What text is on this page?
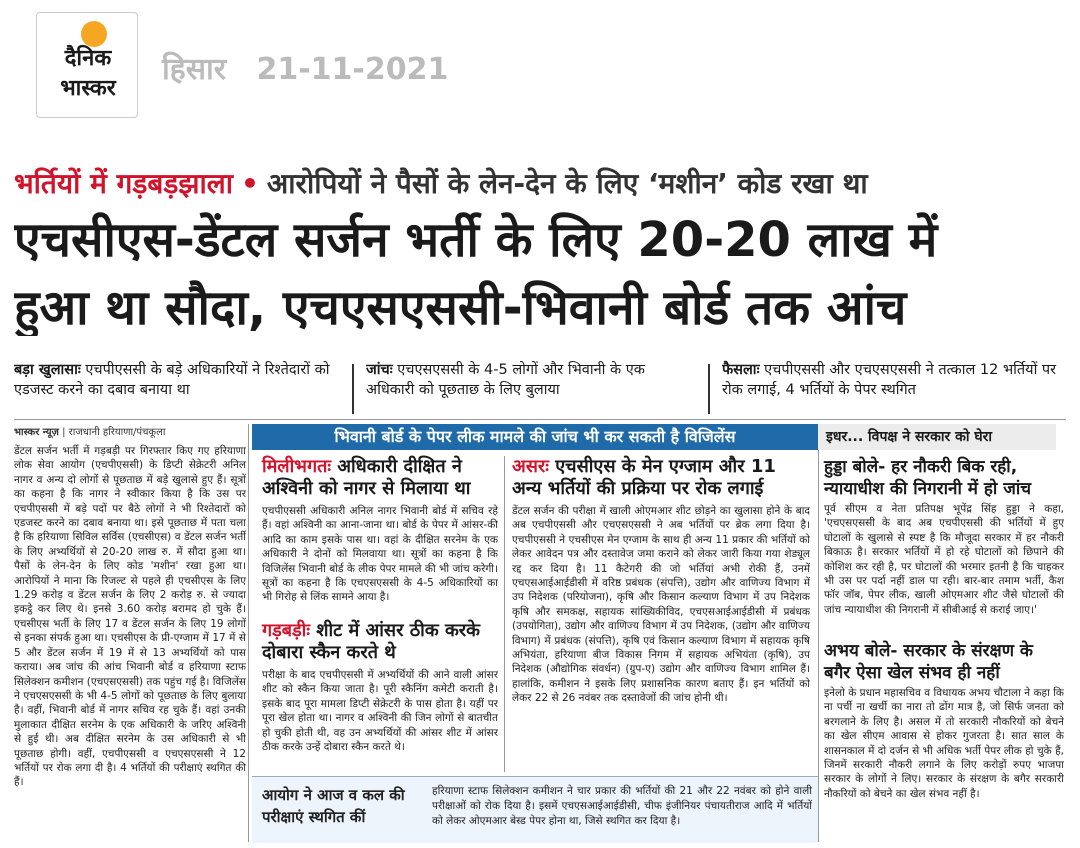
दैनिक
भास्कर
हिसार 21-11-2021
भर्तियों में गड़बड़झाला • आरोपियों ने पैसों के लेन-देन के लिए ‘मशीन’ कोड रखा था
एचसीएस-डेंटल सर्जन भर्ती के लिए 20-20 लाख में
हुआ था सौदा, एचएसएससी-भिवानी बोर्ड तक आंच
बड़ा खुलासाः एचपीएससी के बड़े अधिकारियों ने रिश्तेदारों को एडजस्ट करने का दबाव बनाया था
जांचः एचएसएससी के 4-5 लोगों और भिवानी के एक अधिकारी को पूछताछ के लिए बुलाया
फैसलाः एचपीएससी और एचएसएससी ने तत्काल 12 भर्तियों पर रोक लगाई, 4 भर्तियों के पेपर स्थगित
भास्कर न्यूज़ | राजधानी हरियाणा/पंचकूला
डेंटल सर्जन भर्ती में गड़बड़ी पर गिरफ्तार किए गए हरियाणा लोक सेवा आयोग (एचपीएससी) के डिप्टी सेक्रेटरी अनिल नागर व अन्य दो लोगों से पूछताछ में बड़े खुलासे हुए हैं। सूत्रों का कहना है कि नागर ने स्वीकार किया है कि उस पर एचपीएससी में बड़े पदों पर बैठे लोगों ने भी रिश्तेदारों को एडजस्ट करने का दबाव बनाया था। इसे पूछताछ में पता चला है कि हरियाणा सिविल सर्विस (एचसीएस) व डेंटल सर्जन भर्ती के लिए अभ्यर्थियों से 20-20 लाख रु. में सौदा हुआ था। पैसों के लेन-देन के लिए कोड 'मशीन' रखा हुआ था। आरोपियों ने माना कि रिजल्ट से पहले ही एचसीएस के लिए 1.29 करोड़ व डेंटल सर्जन के लिए 2 करोड़ रु. से ज्यादा इकट्ठे कर लिए थे। इनसे 3.60 करोड़ बरामद हो चुके हैं। एचसीएस भर्ती के लिए 17 व डेंटल सर्जन के लिए 19 लोगों से इनका संपर्क हुआ था। एचसीएस के प्री-एग्जाम में 17 में से 5 और डेंटल सर्जन में 19 में से 13 अभ्यर्थियों को पास कराया। अब जांच की आंच भिवानी बोर्ड व हरियाणा स्टाफ सिलेक्शन कमीशन (एचएसएससी) तक पहुंच गई है। विजिलेंस ने एचएसएससी के भी 4-5 लोगों को पूछताछ के लिए बुलाया है। वहीं, भिवानी बोर्ड में नागर सचिव रह चुके हैं। वहां उनकी मुलाकात दीक्षित सरनेम के एक अधिकारी के जरिए अश्विनी से हुई थी। अब दीक्षित सरनेम के उस अधिकारी से भी पूछताछ होगी। वहीं, एचपीएससी व एचएसएससी ने 12 भर्तियों पर रोक लगा दी है। 4 भर्तियों की परीक्षाएं स्थगित की हैं।
भिवानी बोर्ड के पेपर लीक मामले की जांच भी कर सकती है विजिलेंस
मिलीभगतः अधिकारी दीक्षित ने अश्विनी को नागर से मिलाया था
एचपीएससी अधिकारी अनिल नागर भिवानी बोर्ड में सचिव रहे हैं। वहां अश्विनी का आना-जाना था। बोर्ड के पेपर में आंसर-की आदि का काम इसके पास था। वहां के दीक्षित सरनेम के एक अधिकारी ने दोनों को मिलवाया था। सूत्रों का कहना है कि विजिलेंस भिवानी बोर्ड के लीक पेपर मामले की भी जांच करेगी। सूत्रों का कहना है कि एचएसएससी के 4-5 अधिकारियों का भी गिरोह से लिंक सामने आया है।
गड़बड़ीः शीट में आंसर ठीक करके दोबारा स्कैन करते थे
परीक्षा के बाद एचपीएससी में अभ्यर्थियों की आने वाली आंसर शीट को स्कैन किया जाता है। पूरी स्कैनिंग कमेटी कराती है। इसके बाद पूरा मामला डिप्टी सेक्रेटरी के पास होता है। यहीं पर पूरा खेल होता था। नागर व अश्विनी की जिन लोगों से बातचीत हो चुकी होती थी, वह उन अभ्यर्थियों की आंसर शीट में आंसर ठीक करके उन्हें दोबारा स्कैन करते थे।
असरः एचसीएस के मेन एग्जाम और 11 अन्य भर्तियों की प्रक्रिया पर रोक लगाई
डेंटल सर्जन की परीक्षा में खाली ओएमआर शीट छोड़ने का खुलासा होने के बाद अब एचपीएससी और एचएसएससी ने अब भर्तियों पर ब्रेक लगा दिया है। एचपीएससी ने एचसीएस मेन एग्जाम के साथ ही अन्य 11 प्रकार की भर्तियों को लेकर आवेदन पत्र और दस्तावेज जमा कराने को लेकर जारी किया गया शेड्यूल रद्द कर दिया है। 11 कैटेगरी की जो भर्तियां अभी रोकी हैं, उनमें एचएसआईआईडीसी में वरिष्ठ प्रबंधक (संपत्ति), उद्योग और वाणिज्य विभाग में उप निदेशक (परियोजना), कृषि और किसान कल्याण विभाग में उप निदेशक कृषि और समकक्ष, सहायक सांख्यिकीविद, एचएसआईआईडीसी में प्रबंधक (उपयोगिता), उद्योग और वाणिज्य विभाग में उप निदेशक, (उद्योग और वाणिज्य विभाग) में प्रबंधक (संपत्ति), कृषि एवं किसान कल्याण विभाग में सहायक कृषि अभियंता, हरियाणा बीज विकास निगम में सहायक अभियंता (कृषि), उप निदेशक (औद्योगिक संवर्धन) (ग्रुप-ए) उद्योग और वाणिज्य विभाग शामिल हैं। हालांकि, कमीशन ने इसके लिए प्रशासनिक कारण बताए हैं। इन भर्तियों को लेकर 22 से 26 नवंबर तक दस्तावेजों की जांच होनी थी।
आयोग ने आज व कल की परीक्षाएं स्थगित कीं
हरियाणा स्टाफ सिलेक्शन कमीशन ने चार प्रकार की भर्तियों की 21 और 22 नवंबर को होने वाली परीक्षाओं को रोक दिया है। इसमें एचएसआईआईडीसी, चीफ इंजीनियर पंचायतीराज आदि में भर्तियों को लेकर ओएमआर बेस्ड पेपर होना था, जिसे स्थगित कर दिया है।
इधर... विपक्ष ने सरकार को घेरा
हुड्डा बोले- हर नौकरी बिक रही, न्यायाधीश की निगरानी में हो जांच
पूर्व सीएम व नेता प्रतिपक्ष भूपेंद्र सिंह हुड्डा ने कहा, 'एचएसएससी के बाद अब एचपीएससी की भर्तियों में हुए घोटालों के खुलासे से स्पष्ट है कि मौजूदा सरकार में हर नौकरी बिकाऊ है। सरकार भर्तियों में हो रहे घोटालों को छिपाने की कोशिश कर रही है, पर घोटालों की भरमार इतनी है कि चाहकर भी उस पर पर्दा नहीं डाल पा रही। बार-बार तमाम भर्ती, कैश फॉर जॉब, पेपर लीक, खाली ओएमआर शीट जैसे घोटालों की जांच न्यायाधीश की निगरानी में सीबीआई से कराई जाए।'
अभय बोले- सरकार के संरक्षण के बगैर ऐसा खेल संभव ही नहीं
इनेलो के प्रधान महासचिव व विधायक अभय चौटाला ने कहा कि ना पर्ची ना खर्ची का नारा तो ढोंग मात्र है, जो सिर्फ जनता को बरगलाने के लिए है। असल में तो सरकारी नौकरियों को बेचने का खेल सीएम आवास से होकर गुजरता है। सात साल के शासनकाल में दो दर्जन से भी अधिक भर्ती पेपर लीक हो चुके हैं, जिनमें सरकारी नौकरी लगाने के लिए करोड़ों रुपए भाजपा सरकार के लोगों ने लिए। सरकार के संरक्षण के बगैर सरकारी नौकरियों को बेचने का खेल संभव नहीं है।
